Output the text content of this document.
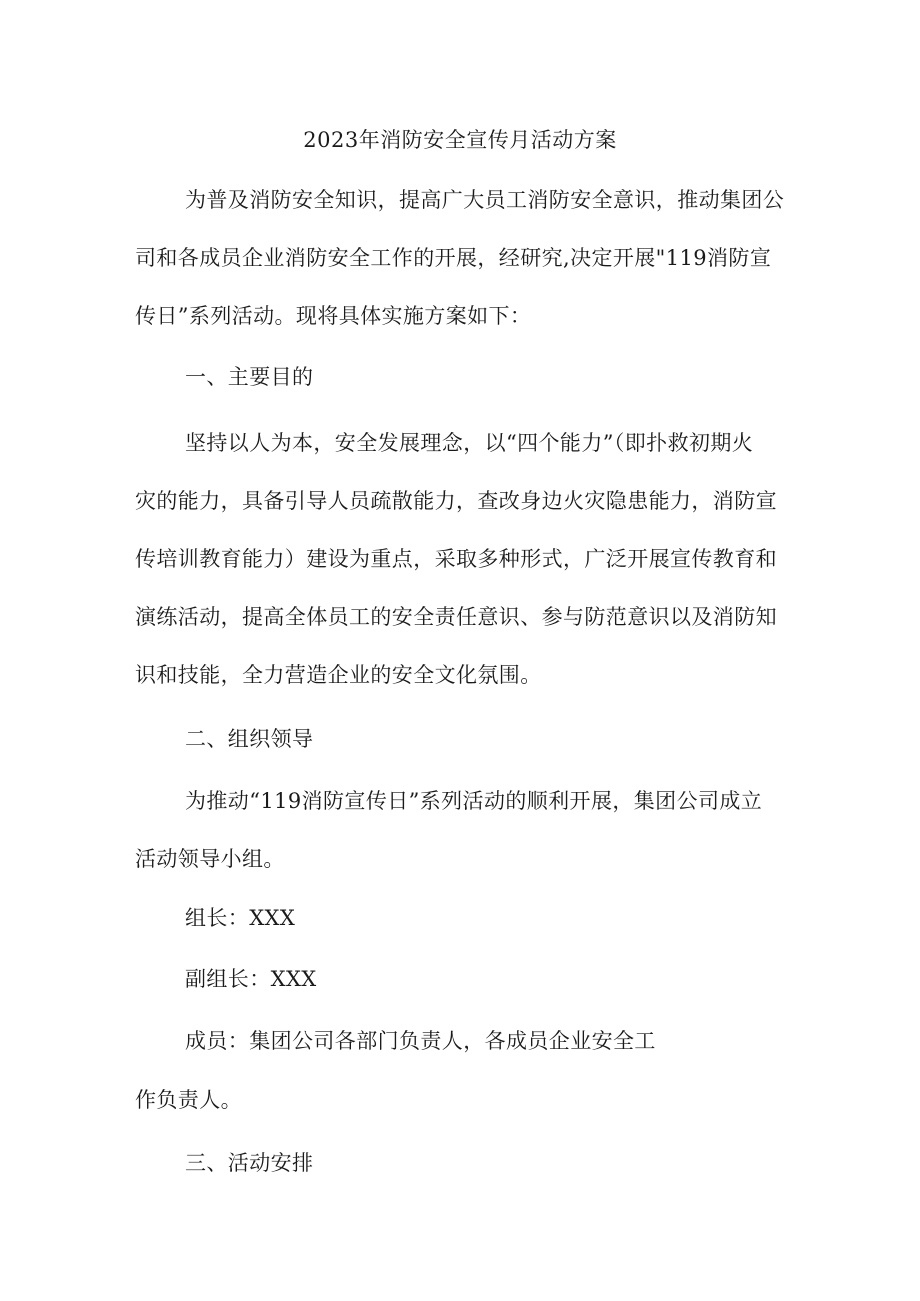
2023年消防安全宣传月活动方案
为普及消防安全知识，提高广大员工消防安全意识，推动集团公
司和各成员企业消防安全工作的开展，经研究,决定开展"119消防宣
传日”系列活动。现将具体实施方案如下：
一、主要目的
坚持以人为本，安全发展理念，以“四个能力”（即扑救初期火
灾的能力，具备引导人员疏散能力，查改身边火灾隐患能力，消防宣
传培训教育能力）建设为重点，采取多种形式，广泛开展宣传教育和
演练活动，提高全体员工的安全责任意识、参与防范意识以及消防知
识和技能，全力营造企业的安全文化氛围。
二、组织领导
为推动“119消防宣传日”系列活动的顺利开展，集团公司成立
活动领导小组。
组长：XXX
副组长：XXX
成员：集团公司各部门负责人，各成员企业安全工
作负责人。
三、活动安排
